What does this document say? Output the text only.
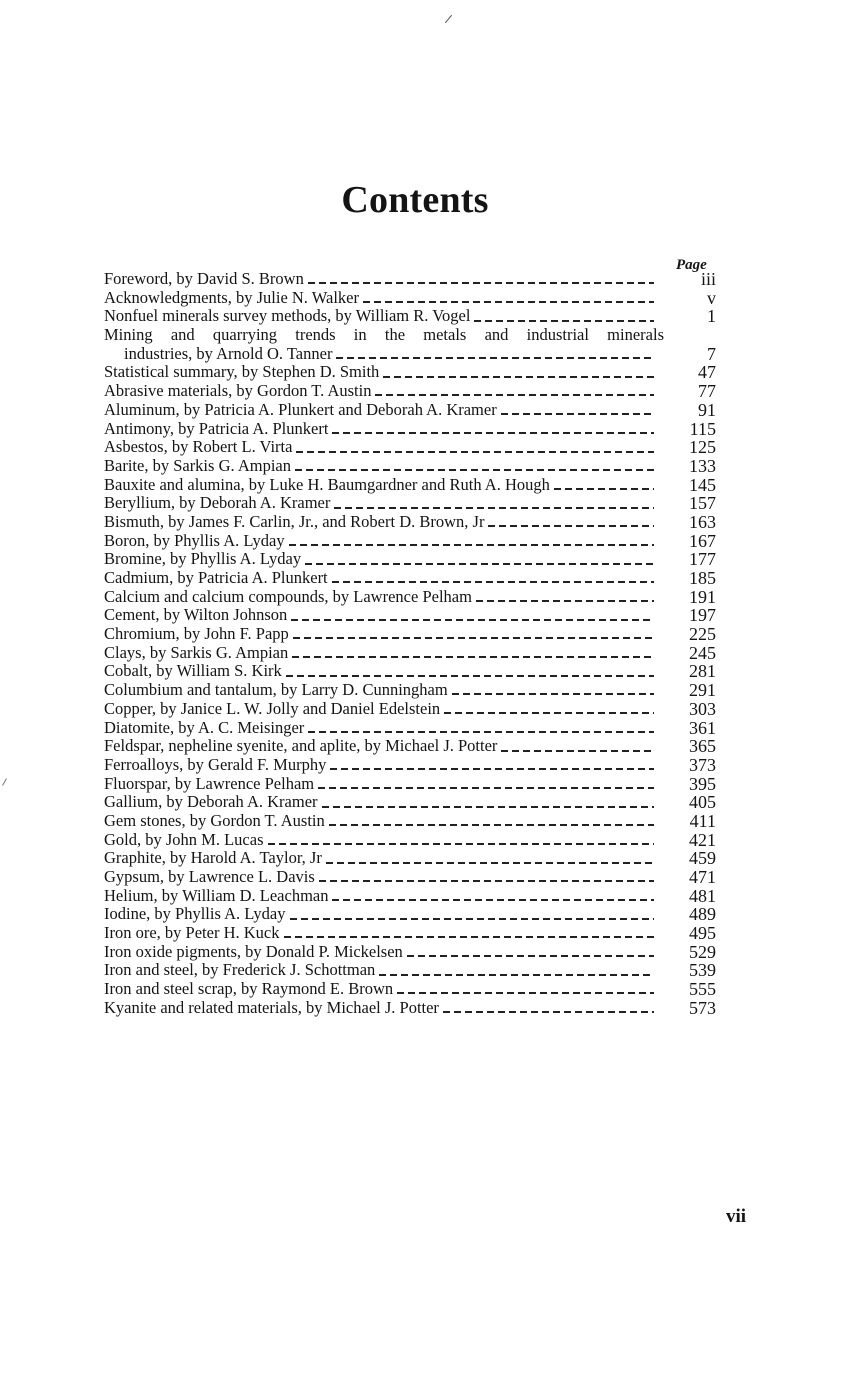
Contents
Page
Foreword, by David S. Brown	iii
Acknowledgments, by Julie N. Walker	v
Nonfuel minerals survey methods, by William R. Vogel	1
Mining and quarrying trends in the metals and industrial minerals
industries, by Arnold O. Tanner	7
Statistical summary, by Stephen D. Smith	47
Abrasive materials, by Gordon T. Austin	77
Aluminum, by Patricia A. Plunkert and Deborah A. Kramer	91
Antimony, by Patricia A. Plunkert	115
Asbestos, by Robert L. Virta	125
Barite, by Sarkis G. Ampian	133
Bauxite and alumina, by Luke H. Baumgardner and Ruth A. Hough	145
Beryllium, by Deborah A. Kramer	157
Bismuth, by James F. Carlin, Jr., and Robert D. Brown, Jr	163
Boron, by Phyllis A. Lyday	167
Bromine, by Phyllis A. Lyday	177
Cadmium, by Patricia A. Plunkert	185
Calcium and calcium compounds, by Lawrence Pelham	191
Cement, by Wilton Johnson	197
Chromium, by John F. Papp	225
Clays, by Sarkis G. Ampian	245
Cobalt, by William S. Kirk	281
Columbium and tantalum, by Larry D. Cunningham	291
Copper, by Janice L. W. Jolly and Daniel Edelstein	303
Diatomite, by A. C. Meisinger	361
Feldspar, nepheline syenite, and aplite, by Michael J. Potter	365
Ferroalloys, by Gerald F. Murphy	373
Fluorspar, by Lawrence Pelham	395
Gallium, by Deborah A. Kramer	405
Gem stones, by Gordon T. Austin	411
Gold, by John M. Lucas	421
Graphite, by Harold A. Taylor, Jr	459
Gypsum, by Lawrence L. Davis	471
Helium, by William D. Leachman	481
Iodine, by Phyllis A. Lyday	489
Iron ore, by Peter H. Kuck	495
Iron oxide pigments, by Donald P. Mickelsen	529
Iron and steel, by Frederick J. Schottman	539
Iron and steel scrap, by Raymond E. Brown	555
Kyanite and related materials, by Michael J. Potter	573
vii
